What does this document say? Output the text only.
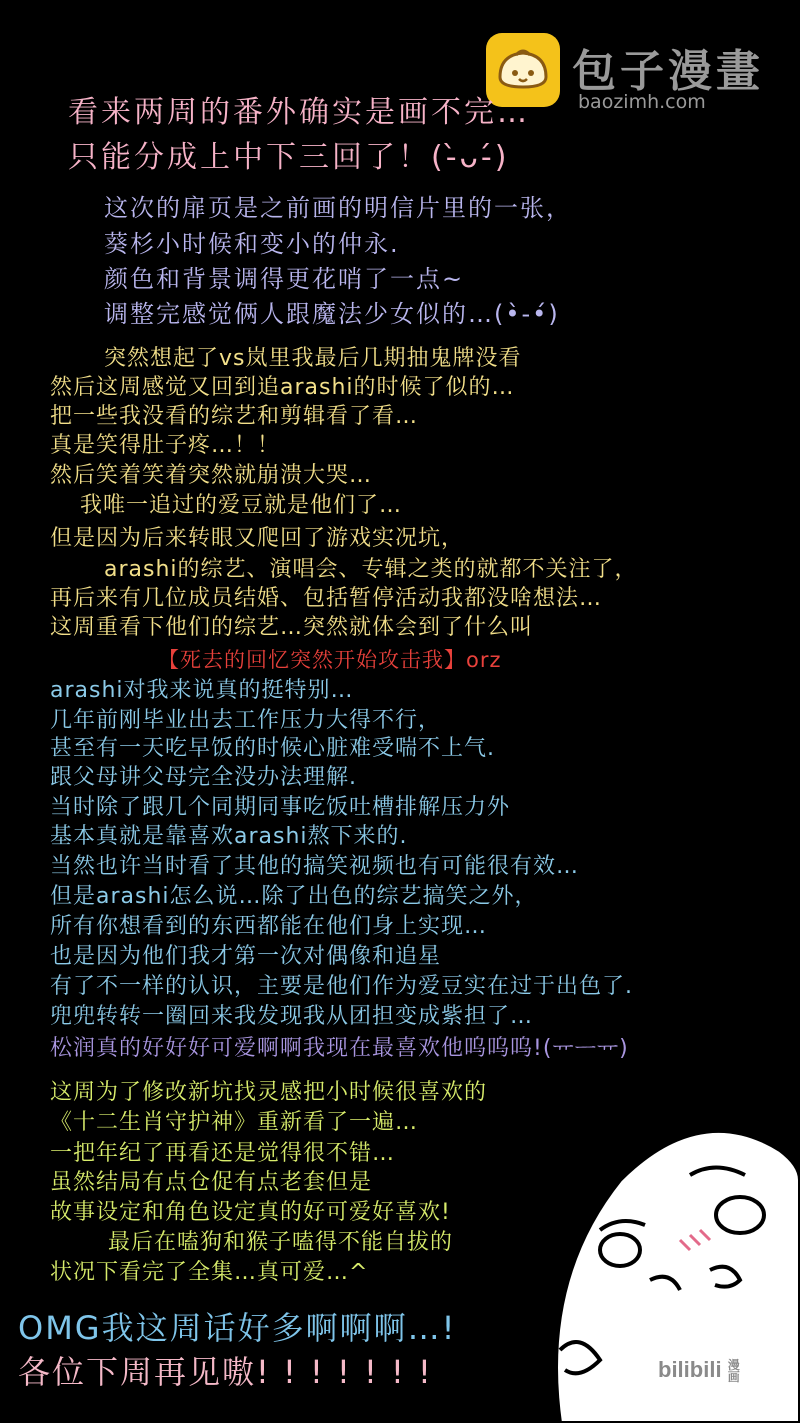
包子漫畫
baozimh.com

看来两周的番外确实是画不完…

只能分成上中下三回了！(-̀ᴗ-́)

这次的扉页是之前画的明信片里的一张，

葵杉小时候和变小的仲永.

颜色和背景调得更花哨了一点~

调整完感觉俩人跟魔法少女似的…(•̀-•́)

突然想起了vs岚里我最后几期抽鬼牌没看

然后这周感觉又回到追arashi的时候了似的…

把一些我没看的综艺和剪辑看了看…

真是笑得肚子疼…！！

然后笑着笑着突然就崩溃大哭…

我唯一追过的爱豆就是他们了…

但是因为后来转眼又爬回了游戏实况坑，

arashi的综艺、演唱会、专辑之类的就都不关注了，

再后来有几位成员结婚、包括暂停活动我都没啥想法…

这周重看下他们的综艺…突然就体会到了什么叫

【死去的回忆突然开始攻击我】orz

arashi对我来说真的挺特别…

几年前刚毕业出去工作压力大得不行，

甚至有一天吃早饭的时候心脏难受喘不上气.

跟父母讲父母完全没办法理解.

当时除了跟几个同期同事吃饭吐槽排解压力外

基本真就是靠喜欢arashi熬下来的.

当然也许当时看了其他的搞笑视频也有可能很有效…

但是arashi怎么说…除了出色的综艺搞笑之外，

所有你想看到的东西都能在他们身上实现…

也是因为他们我才第一次对偶像和追星

有了不一样的认识，主要是他们作为爱豆实在过于出色了.

兜兜转转一圈回来我发现我从团担变成紫担了…

松润真的好好好可爱啊啊我现在最喜欢他呜呜呜!(ᅲᅳᅲ)

这周为了修改新坑找灵感把小时候很喜欢的

《十二生肖守护神》重新看了一遍…

一把年纪了再看还是觉得很不错…

虽然结局有点仓促有点老套但是

故事设定和角色设定真的好可爱好喜欢!

最后在嗑狗和猴子嗑得不能自拔的

状况下看完了全集…真可爱…^

OMG我这周话好多啊啊啊…!

各位下周再见嗷! ! ! ! ! ! !	bilibili 漫画
